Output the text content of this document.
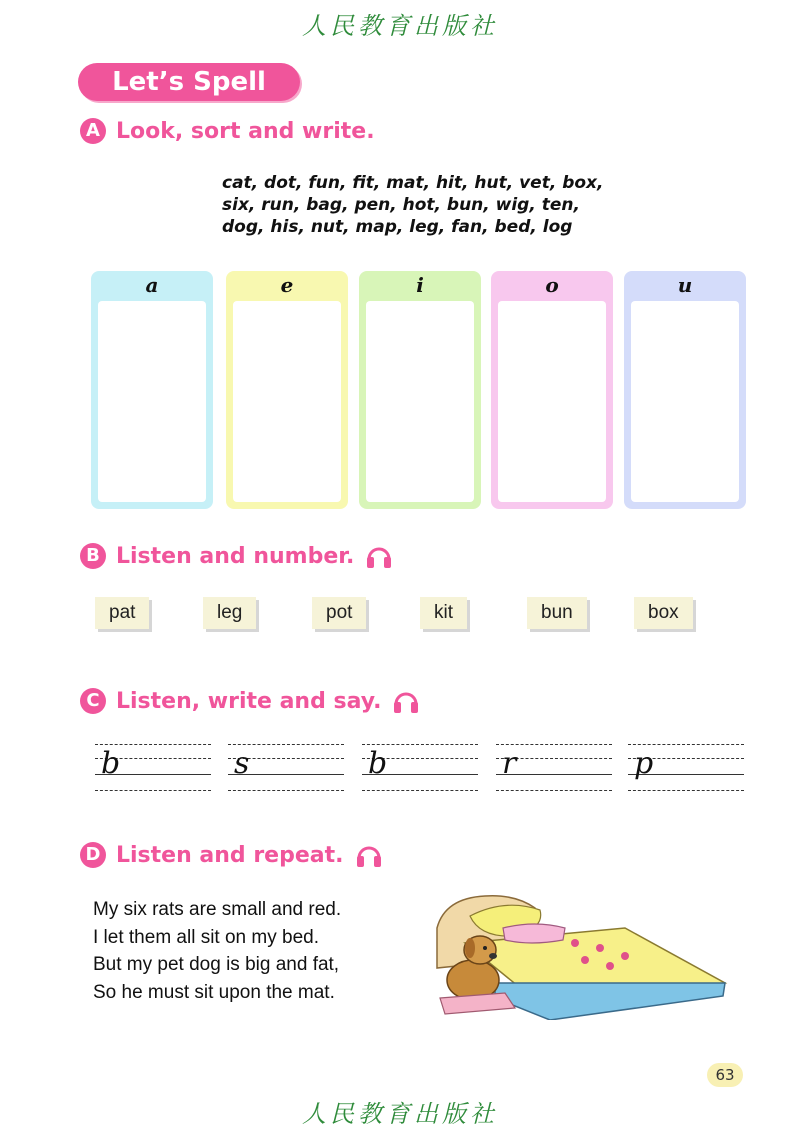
人民教育出版社
Let’s Spell
A Look, sort and write.
cat, dot, fun, fit, mat, hit, hut, vet, box,
six, run, bag, pen, hot, bun, wig, ten,
dog, his, nut, map, leg, fan, bed, log
a	e	i	o	u
B Listen and number.
pat	leg	pot	kit	bun	box
C Listen, write and say.
b	s	b	r	p
D Listen and repeat.
My six rats are small and red.
I let them all sit on my bed.
But my pet dog is big and fat,
So he must sit upon the mat.
63
人民教育出版社
